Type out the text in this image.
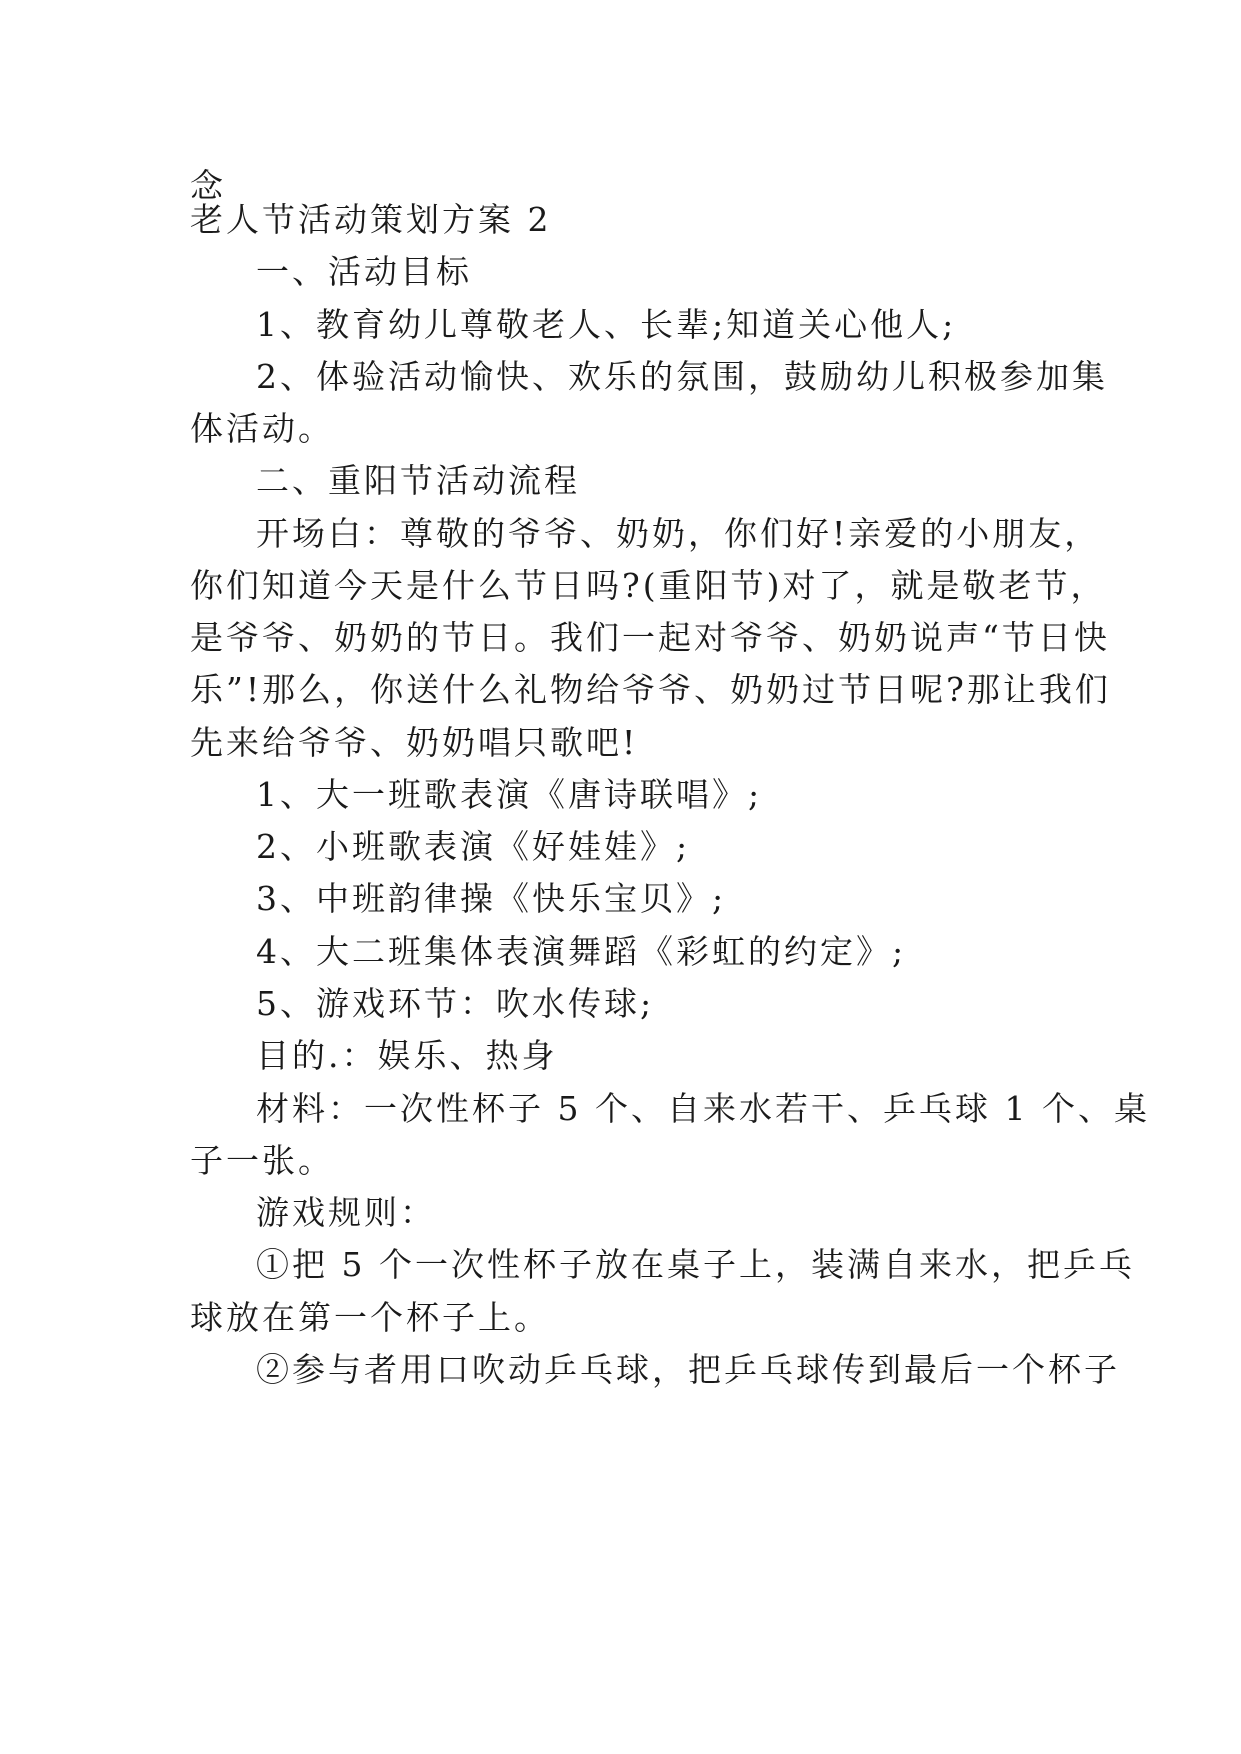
念
老人节活动策划方案 2
一、活动目标
1、教育幼儿尊敬老人、长辈;知道关心他人;
2、体验活动愉快、欢乐的氛围，鼓励幼儿积极参加集
体活动。
二、重阳节活动流程
开场白：尊敬的爷爷、奶奶，你们好!亲爱的小朋友，
你们知道今天是什么节日吗?(重阳节)对了，就是敬老节，
是爷爷、奶奶的节日。我们一起对爷爷、奶奶说声“节日快
乐”!那么，你送什么礼物给爷爷、奶奶过节日呢?那让我们
先来给爷爷、奶奶唱只歌吧!
1、大一班歌表演《唐诗联唱》;
2、小班歌表演《好娃娃》;
3、中班韵律操《快乐宝贝》;
4、大二班集体表演舞蹈《彩虹的约定》;
5、游戏环节：吹水传球;
目的.：娱乐、热身
材料：一次性杯子 5 个、自来水若干、乒乓球 1 个、桌
子一张。
游戏规则：
①把 5 个一次性杯子放在桌子上，装满自来水，把乒乓
球放在第一个杯子上。
②参与者用口吹动乒乓球，把乒乓球传到最后一个杯子
